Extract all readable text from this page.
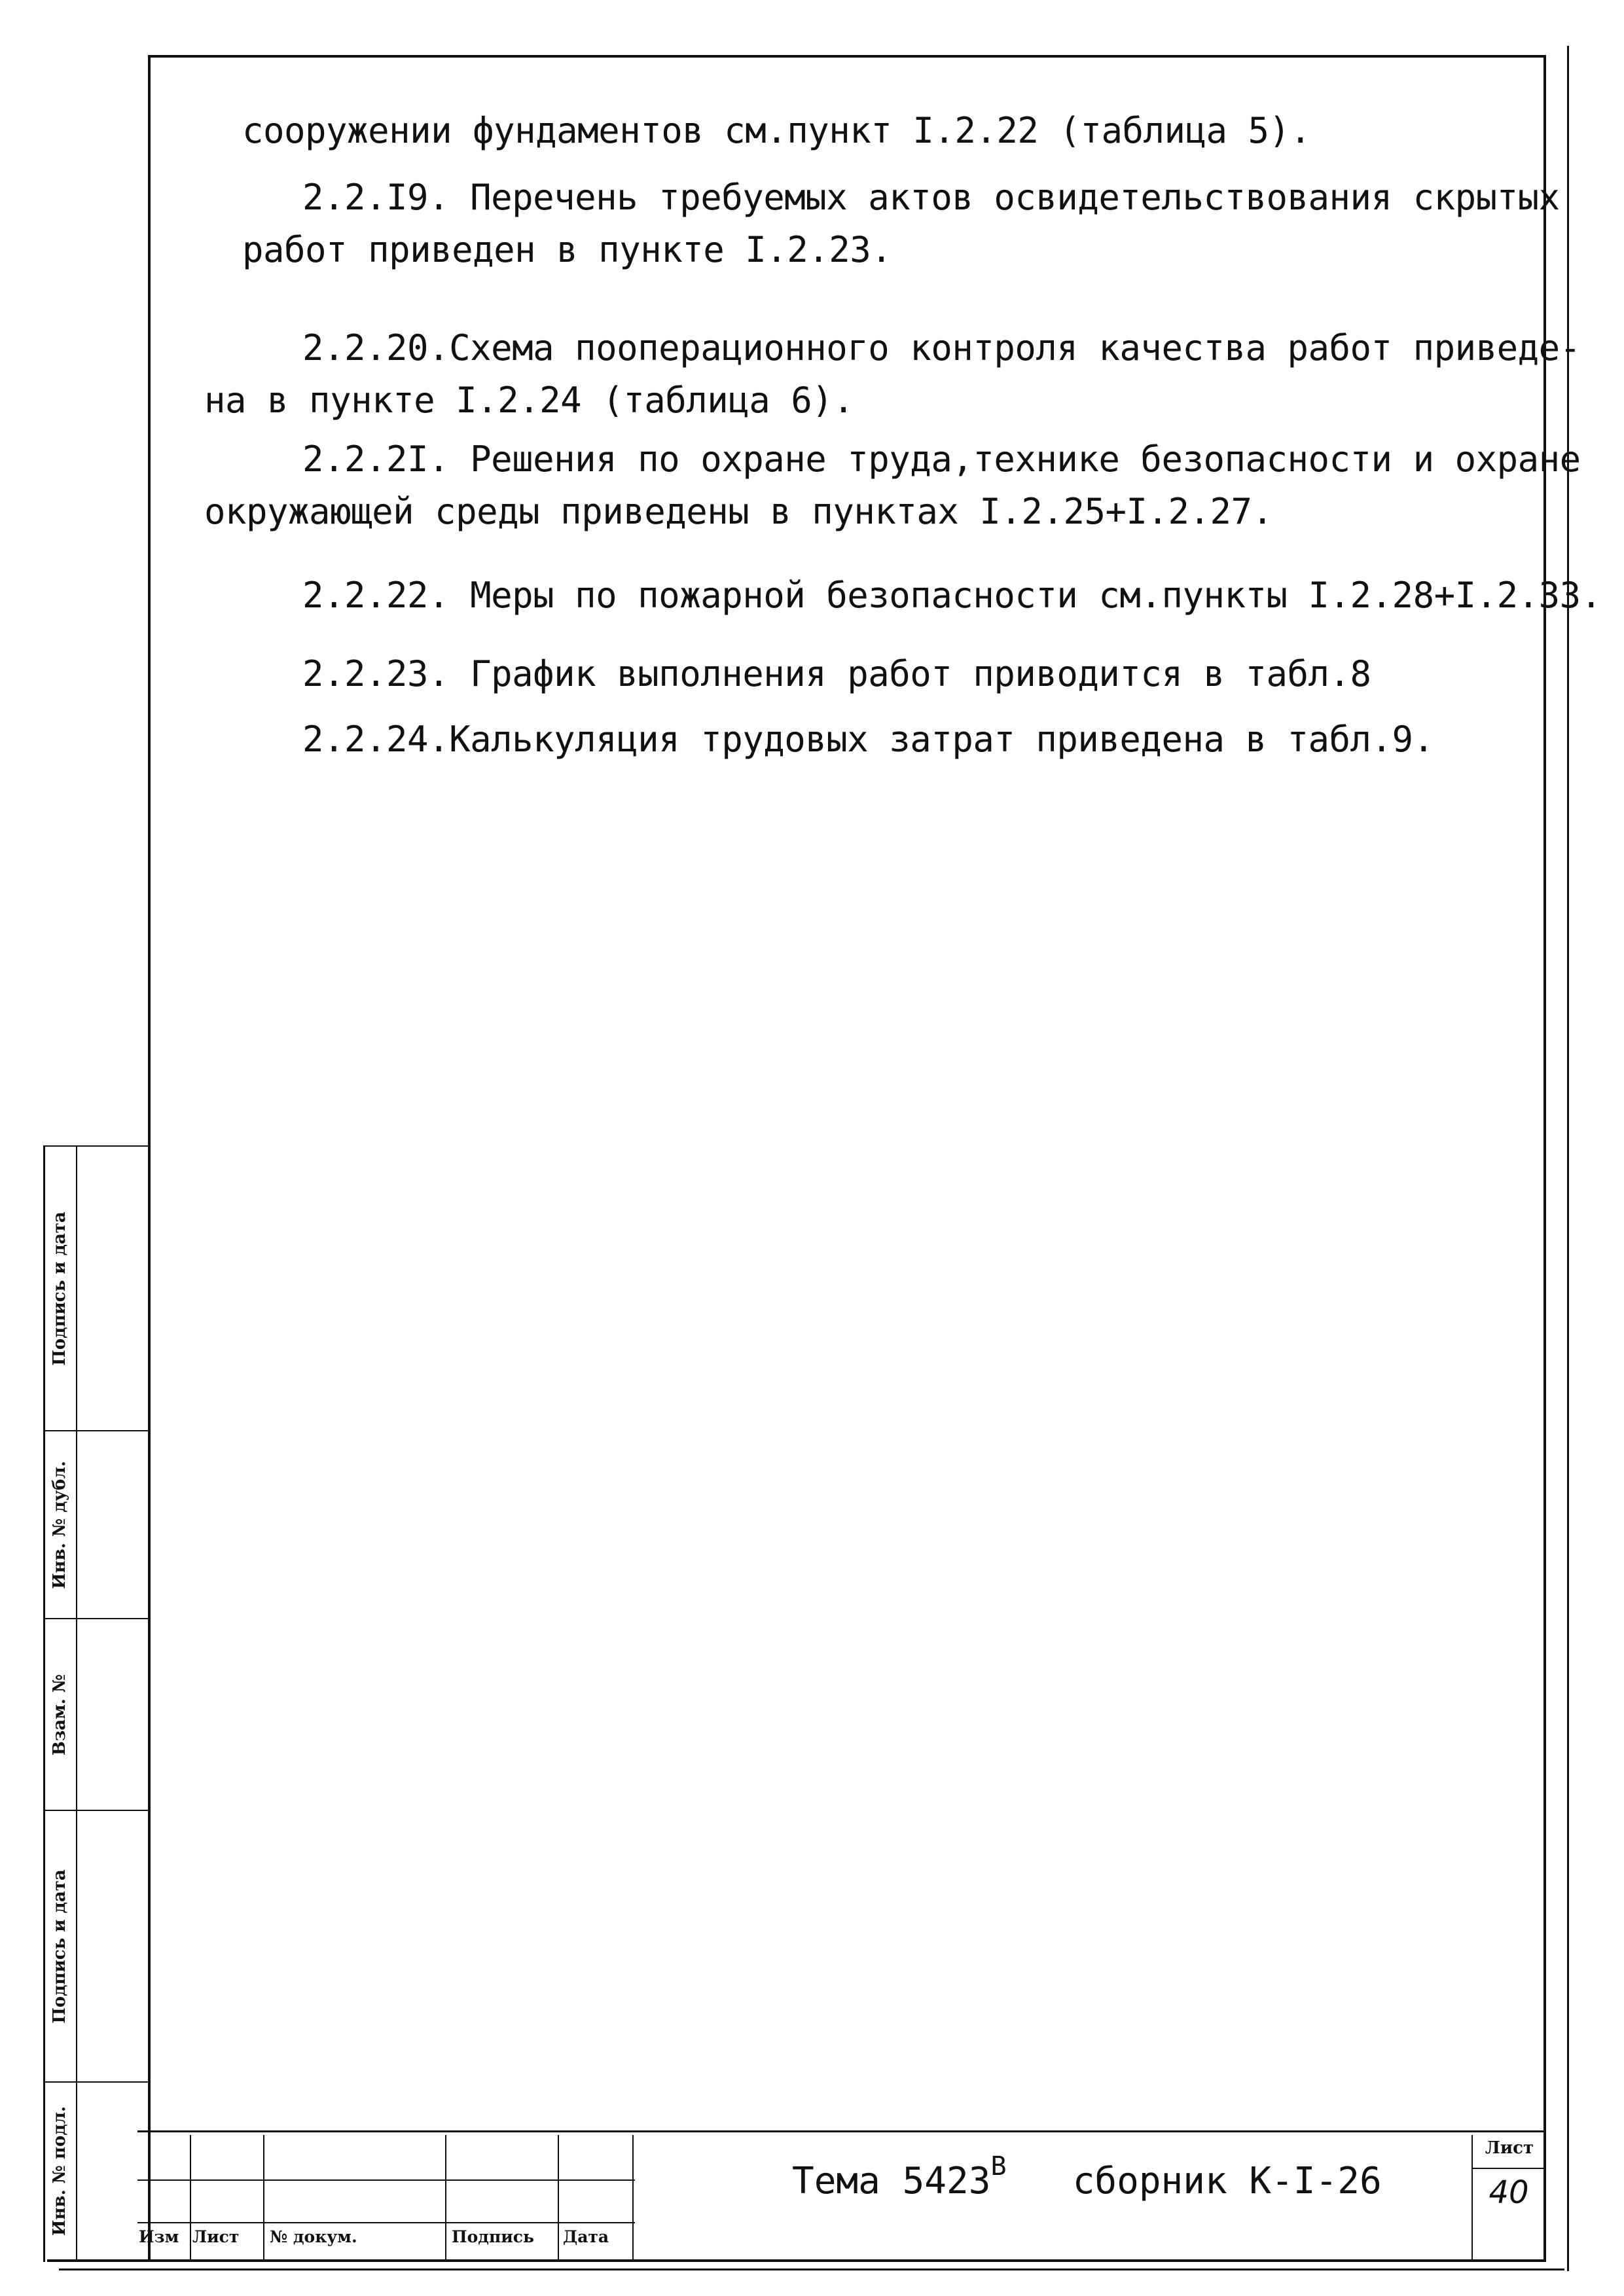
сооружении фундаментов см.пункт I.2.22 (таблица 5).
2.2.I9. Перечень требуемых актов освидетельствования скрытых
работ приведен в пункте I.2.23.
2.2.20.Схема пооперационного контроля качества работ приведе-
на в пункте I.2.24 (таблица 6).
2.2.2I. Решения по охране труда,технике безопасности и охране
окружающей среды приведены в пунктах I.2.25+I.2.27.
2.2.22. Меры по пожарной безопасности см.пункты I.2.28+I.2.33.
2.2.23. График выполнения работ приводится в табл.8
2.2.24.Калькуляция трудовых затрат приведена в табл.9.
Подпись и дата
Инв. № дубл.
Взам. №
Подпись и дата
Инв. № подл.
Изм Лист № докум.	Подпись Дата
Тема $5423^В$ сборник К-I-26
Лист
40
